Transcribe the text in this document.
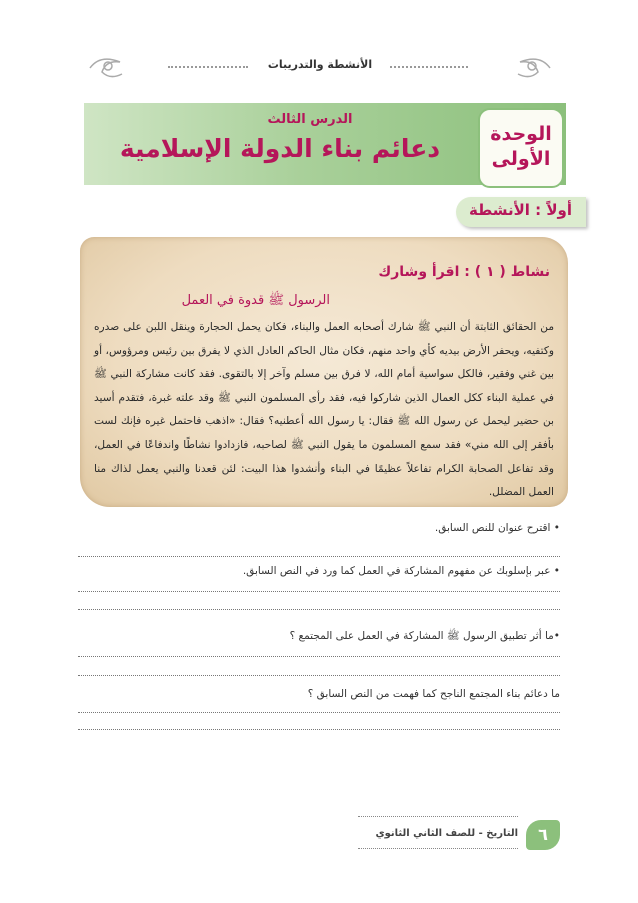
الأنشطة والتدريبات
الوحدة
الأولى
الدرس الثالث
دعائم بناء الدولة الإسلامية
أولاً : الأنشطة
نشاط ( ١ ) : اقرأ وشارك
الرسول ﷺ قدوة في العمل
من الحقائق الثابتة أن النبي ﷺ شارك أصحابه العمل والبناء، فكان يحمل الحجارة وينقل اللبن على صدره وكتفيه، ويحفر الأرض بيديه كأي واحد منهم، فكان مثال الحاكم العادل الذي لا يفرق بين رئيس ومرؤوس، أو بين غني وفقير، فالكل سواسية أمام الله، لا فرق بين مسلم وآخر إلا بالتقوى. فقد كانت مشاركة النبي ﷺ في عملية البناء ككل العمال الذين شاركوا فيه، فقد رأى المسلمون النبي ﷺ وقد علته غبرة، فتقدم أسيد بن حضير ليحمل عن رسول الله ﷺ فقال: يا رسول الله أعطنيه؟ فقال: «اذهب فاحتمل غيره فإنك لست بأفقر إلى الله مني» فقد سمع المسلمون ما يقول النبي ﷺ لصاحبه، فازدادوا نشاطًا واندفاعًا في العمل، وقد تفاعل الصحابة الكرام تفاعلاً عظيمًا في البناء وأنشدوا هذا البيت: لئن قعدنا والنبي يعمل لذاك منا العمل المضلل.
• اقترح عنوان للنص السابق.
• عبر بإسلوبك عن مفهوم المشاركة في العمل كما ورد في النص السابق.
•ما أثر تطبيق الرسول ﷺ المشاركة في العمل على المجتمع ؟
ما دعائم بناء المجتمع الناجح كما فهمت من النص السابق ؟
التاريخ - للصف الثاني الثانوي	٦
